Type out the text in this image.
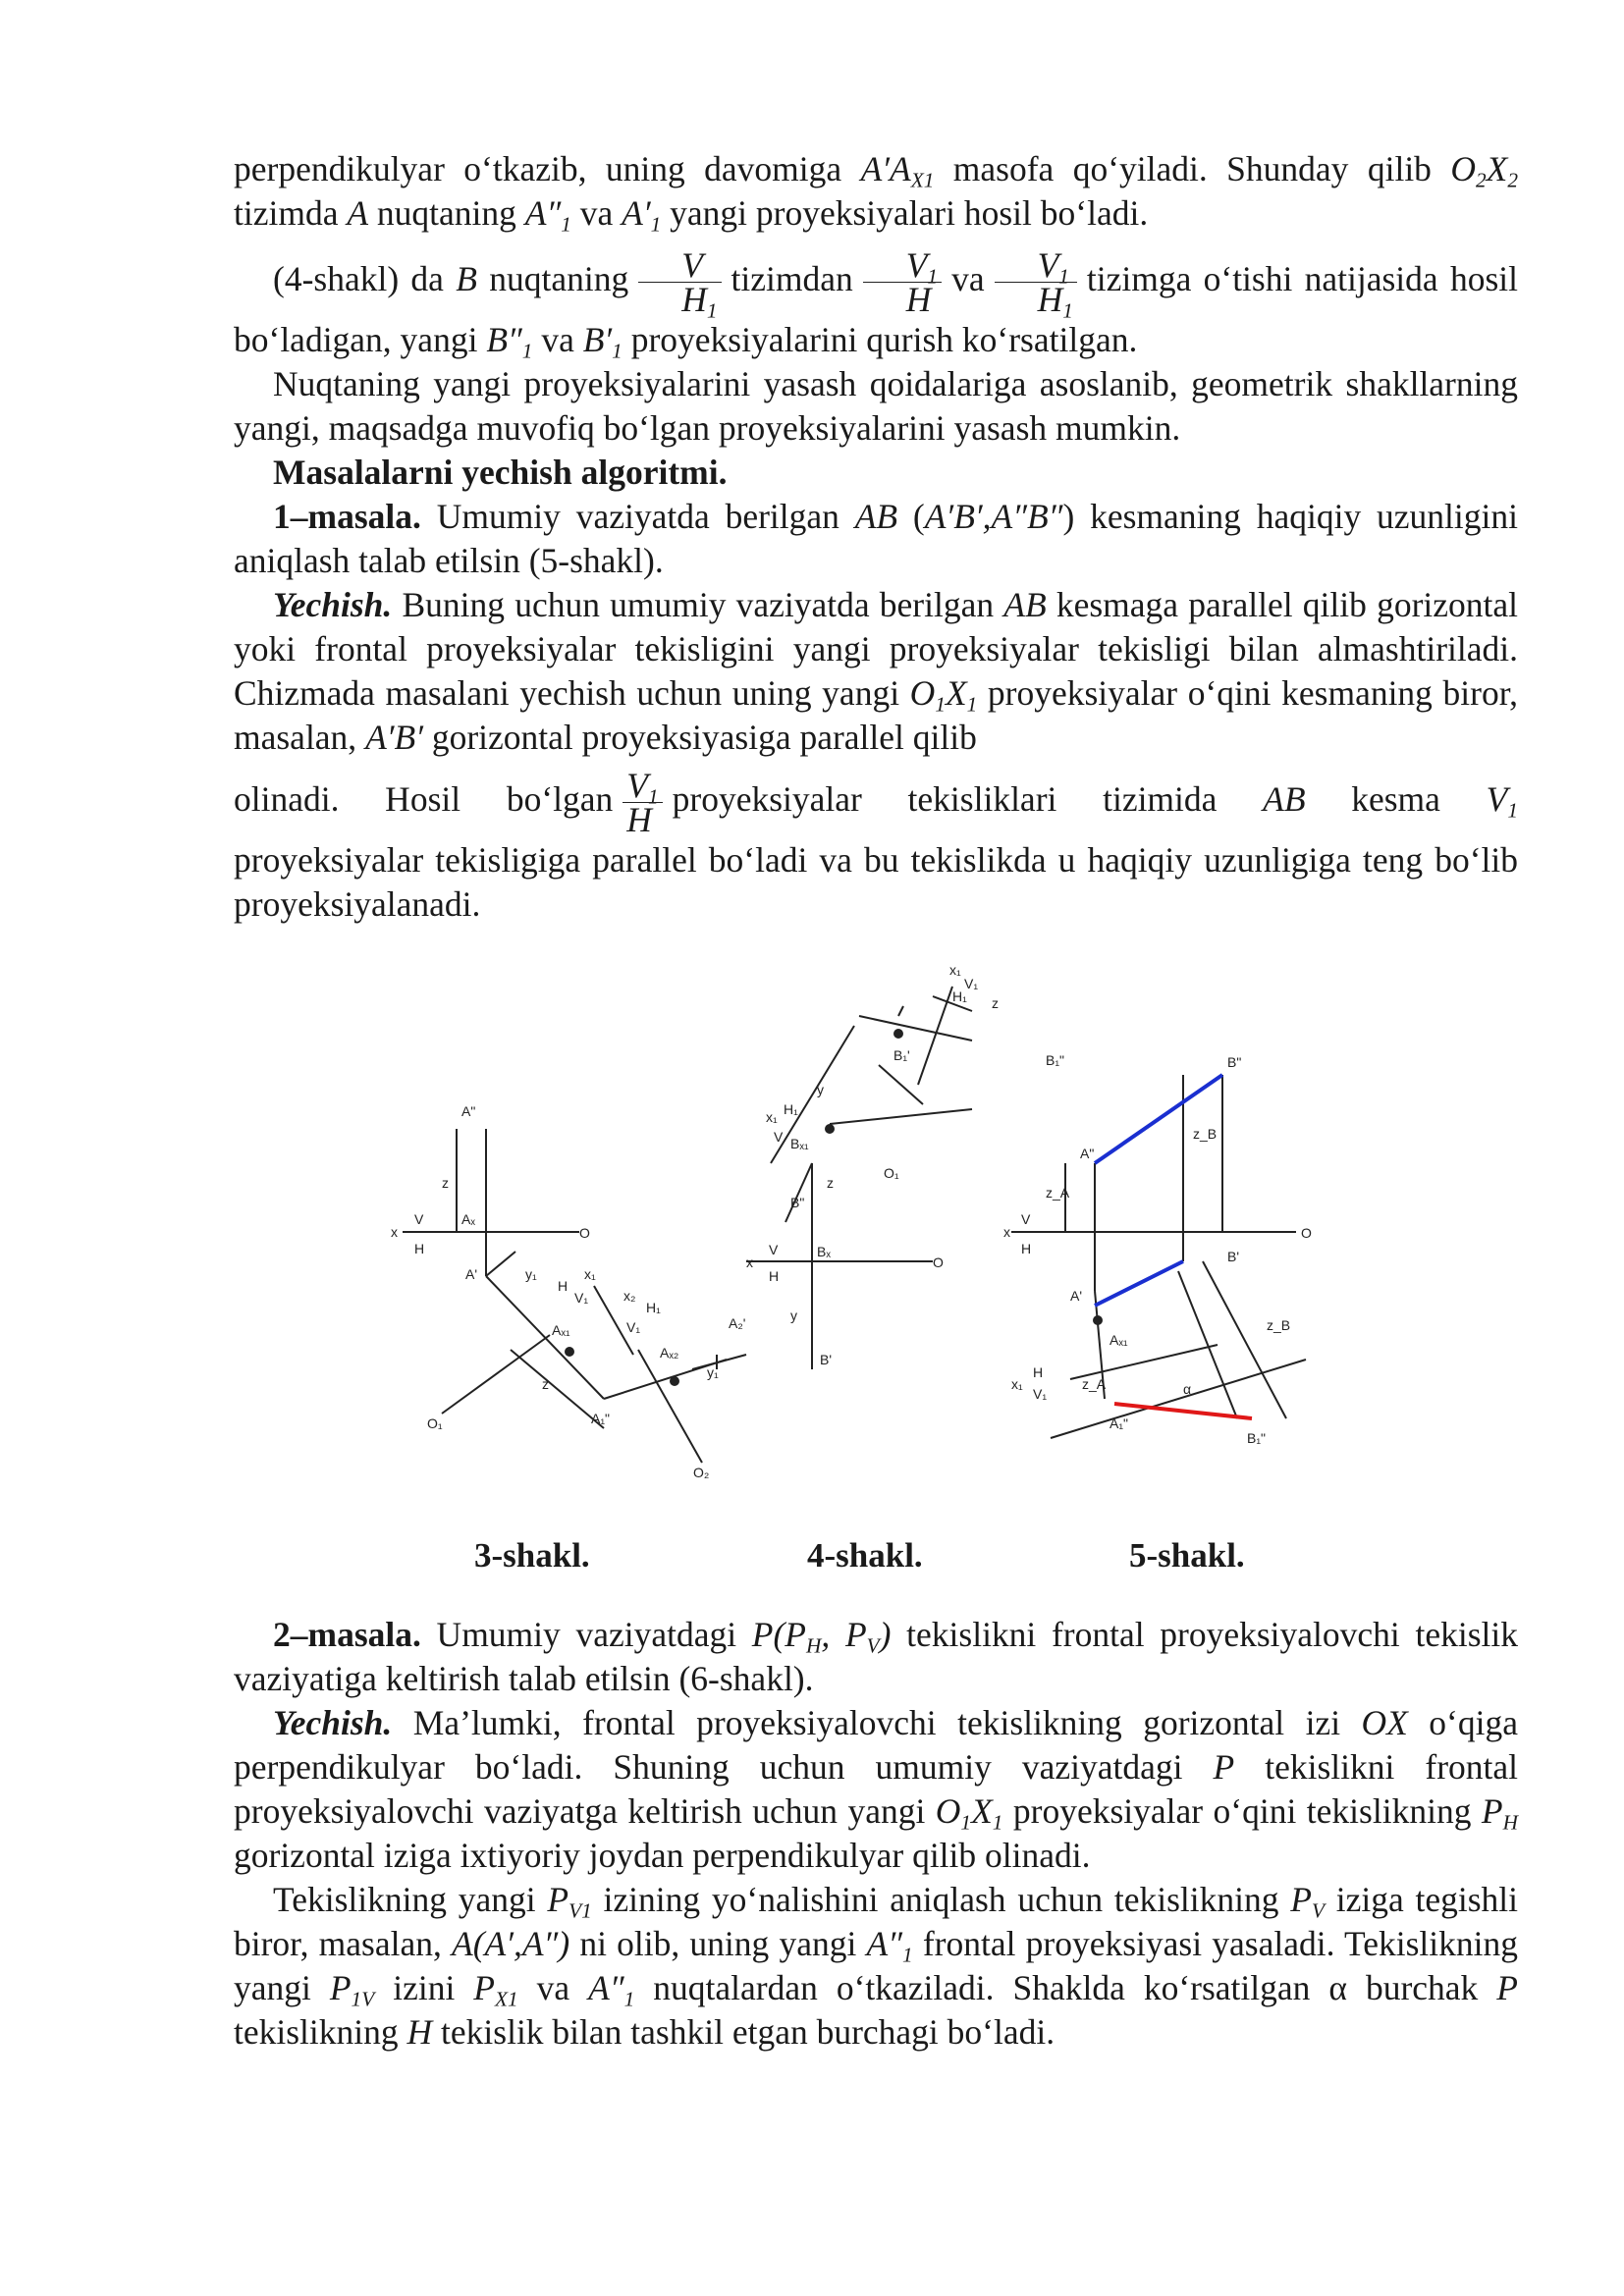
perpendikulyar o‘tkazib, uning davomiga $A'A_{X1}$ masofa qo‘yiladi. Shunday qilib $O_2X_2$ tizimda A nuqtaning $A''_1$ va $A'_1$ yangi proyeksiyalari hosil bo‘ladi.

(4-shakl) da B nuqtaning $\frac{V}{H_1}$ tizimdan $\frac{V_1}{H}$ va $\frac{V_1}{H_1}$ tizimga o‘tishi natijasida hosil

bo‘ladigan, yangi $B''_1$ va $B'_1$ proyeksiyalarini qurish ko‘rsatilgan.

Nuqtaning yangi proyeksiyalarini yasash qoidalariga asoslanib, geometrik shakllarning yangi, maqsadga muvofiq bo‘lgan proyeksiyalarini yasash mumkin.

Masalalarni yechish algoritmi.

1–masala. Umumiy vaziyatda berilgan AB (A′B′,A″B″) kesmaning haqiqiy uzunligini aniqlash talab etilsin (5-shakl).

Yechish. Buning uchun umumiy vaziyatda berilgan AB kesmaga parallel qilib gorizontal yoki frontal proyeksiyalar tekisligini yangi proyeksiyalar tekisligi bilan almashtiriladi. Chizmada masalani yechish uchun uning yangi $O_1X_1$ proyeksiyalar o‘qini kesmaning biror, masalan, A′B′ gorizontal proyeksiyasiga parallel qilib

olinadi. Hosil bo‘lgan $\frac{V_1}{H}$ proyeksiyalar tekisliklari tizimida AB kesma $V_1$

proyeksiyalar tekisligiga parallel bo‘ladi va bu tekislikda u haqiqiy uzunligiga teng bo‘lib proyeksiyalanadi.

A"
z
x
V
H
Aₓ
O
A'	y₁
H
V₁
x₁
Aₓ₁
z
O₁	A₁"
x₂
H₁
V₁
Aₓ₂
y₁
A₂'
O₂
x₁
H₁
V₁
z
B₁'	B₁"
x₁ H₁
V Bₓ₁
y
O₁
B"
z
Bₓ
O
x
V
H
y
B'
B"
A"
z_B
z_A
x
V
H
O
B'
A'
Aₓ₁
z_B
z_A	α
x₁
H
V₁
A₁"
B₁"
3-shakl.	4-shakl.	5-shakl.

2–masala. Umumiy vaziyatdagi $P(P_H$, $P_V$) tekislikni frontal proyeksiyalovchi tekislik vaziyatiga keltirish talab etilsin (6-shakl).

Yechish. Ma’lumki, frontal proyeksiyalovchi tekislikning gorizontal izi OX o‘qiga perpendikulyar bo‘ladi. Shuning uchun umumiy vaziyatdagi P tekislikni frontal proyeksiyalovchi vaziyatga keltirish uchun yangi $O_1X_1$ proyeksiyalar o‘qini tekislikning $P_H$ gorizontal iziga ixtiyoriy joydan perpendikulyar qilib olinadi.

Tekislikning yangi $P_{V1}$ izining yo‘nalishini aniqlash uchun tekislikning $P_V$ iziga tegishli biror, masalan, A(A′,A″) ni olib, uning yangi $A''_1$ frontal proyeksiyasi yasaladi. Tekislikning yangi $P_{1V}$ izini $P_{X1}$ va $A''_1$ nuqtalardan o‘tkaziladi. Shaklda ko‘rsatilgan α burchak P tekislikning H tekislik bilan tashkil etgan burchagi bo‘ladi.
